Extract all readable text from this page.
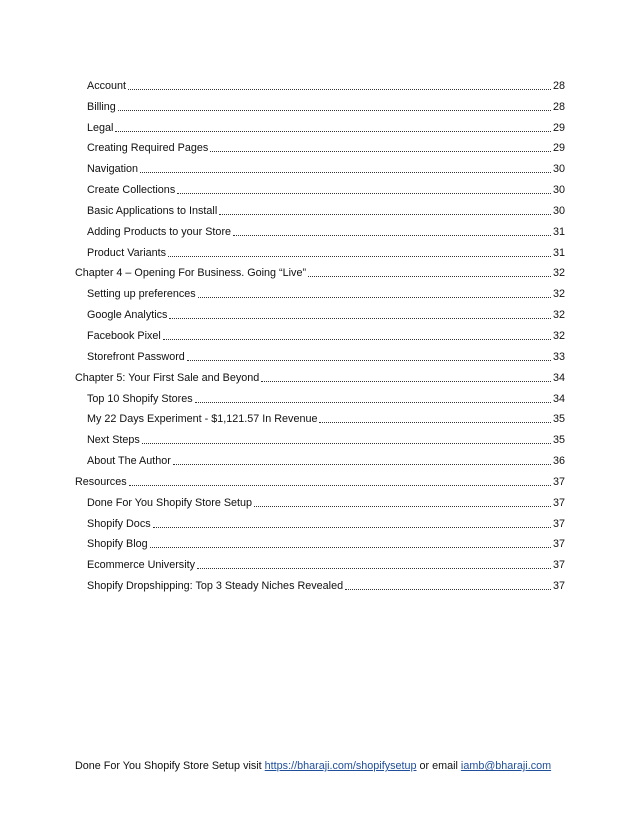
Account	28
Billing	28
Legal	29
Creating Required Pages	29
Navigation	30
Create Collections	30
Basic Applications to Install	30
Adding Products to your Store	31
Product Variants	31
Chapter 4 – Opening For Business. Going “Live”	32
Setting up preferences	32
Google Analytics	32
Facebook Pixel	32
Storefront Password	33
Chapter 5: Your First Sale and Beyond	34
Top 10 Shopify Stores	34
My 22 Days Experiment - $1,121.57 In Revenue	35
Next Steps	35
About The Author	36
Resources	37
Done For You Shopify Store Setup	37
Shopify Docs	37
Shopify Blog	37
Ecommerce University	37
Shopify Dropshipping: Top 3 Steady Niches Revealed	37
Done For You Shopify Store Setup visit https://bharaji.com/shopifysetup or email iamb@bharaji.com
